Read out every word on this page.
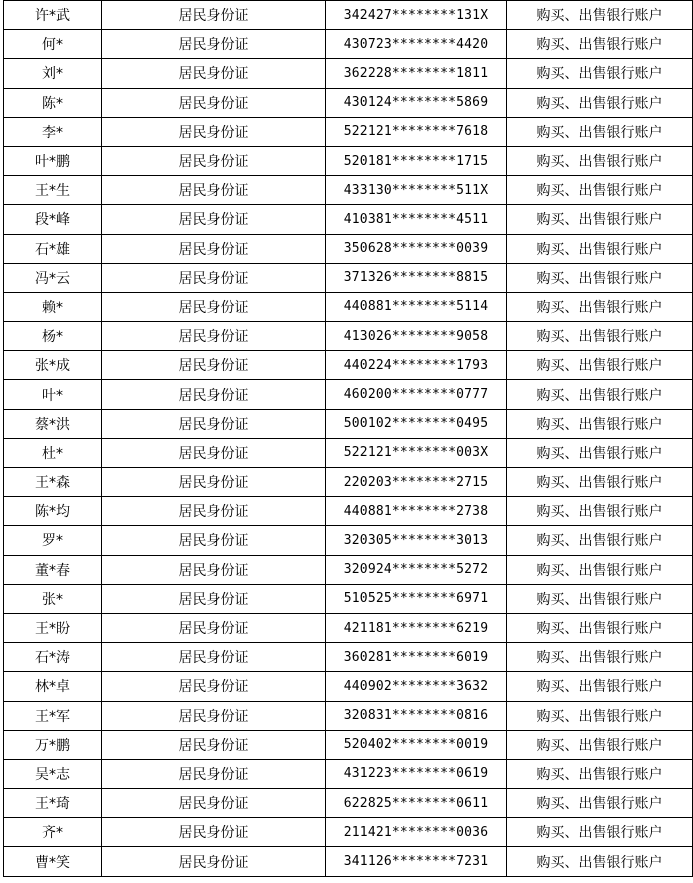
许*武	居民身份证	342427********131X	购买、出售银行账户
何*	居民身份证	430723********4420	购买、出售银行账户
刘*	居民身份证	362228********1811	购买、出售银行账户
陈*	居民身份证	430124********5869	购买、出售银行账户
李*	居民身份证	522121********7618	购买、出售银行账户
叶*鹏	居民身份证	520181********1715	购买、出售银行账户
王*生	居民身份证	433130********511X	购买、出售银行账户
段*峰	居民身份证	410381********4511	购买、出售银行账户
石*雄	居民身份证	350628********0039	购买、出售银行账户
冯*云	居民身份证	371326********8815	购买、出售银行账户
赖*	居民身份证	440881********5114	购买、出售银行账户
杨*	居民身份证	413026********9058	购买、出售银行账户
张*成	居民身份证	440224********1793	购买、出售银行账户
叶*	居民身份证	460200********0777	购买、出售银行账户
蔡*洪	居民身份证	500102********0495	购买、出售银行账户
杜*	居民身份证	522121********003X	购买、出售银行账户
王*森	居民身份证	220203********2715	购买、出售银行账户
陈*均	居民身份证	440881********2738	购买、出售银行账户
罗*	居民身份证	320305********3013	购买、出售银行账户
董*春	居民身份证	320924********5272	购买、出售银行账户
张*	居民身份证	510525********6971	购买、出售银行账户
王*盼	居民身份证	421181********6219	购买、出售银行账户
石*涛	居民身份证	360281********6019	购买、出售银行账户
林*卓	居民身份证	440902********3632	购买、出售银行账户
王*军	居民身份证	320831********0816	购买、出售银行账户
万*鹏	居民身份证	520402********0019	购买、出售银行账户
吴*志	居民身份证	431223********0619	购买、出售银行账户
王*琦	居民身份证	622825********0611	购买、出售银行账户
齐*	居民身份证	211421********0036	购买、出售银行账户
曹*笑	居民身份证	341126********7231	购买、出售银行账户
